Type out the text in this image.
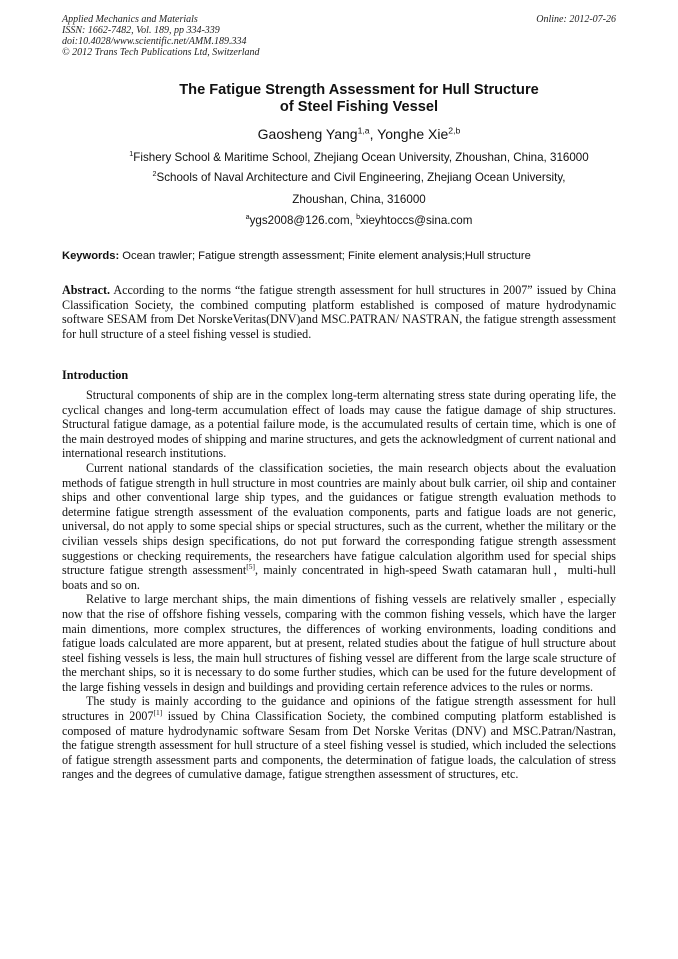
Applied Mechanics and Materials
ISSN: 1662-7482, Vol. 189, pp 334-339
doi:10.4028/www.scientific.net/AMM.189.334
© 2012 Trans Tech Publications Ltd, Switzerland
Online: 2012-07-26
The Fatigue Strength Assessment for Hull Structure
of Steel Fishing Vessel
Gaosheng Yang$^{1,a}$, Yonghe Xie$^{2,b}$
$^1$Fishery School & Maritime School, Zhejiang Ocean University, Zhoushan, China, 316000
$^2$Schools of Naval Architecture and Civil Engineering, Zhejiang Ocean University,
Zhoushan, China, 316000
$^a$ygs2008@126.com, $^b$xieyhtoccs@sina.com
Keywords: Ocean trawler; Fatigue strength assessment; Finite element analysis;Hull structure

Abstract. According to the norms “the fatigue strength assessment for hull structures in 2007” issued by China Classification Society, the combined computing platform established is composed of mature hydrodynamic software SESAM from Det NorskeVeritas(DNV)and MSC.PATRAN/ NASTRAN, the fatigue strength assessment for hull structure of a steel fishing vessel is studied.

Introduction

Structural components of ship are in the complex long-term alternating stress state during operating life, the cyclical changes and long-term accumulation effect of loads may cause the fatigue damage of ship structures. Structural fatigue damage, as a potential failure mode, is the accumulated results of certain time, which is one of the main destroyed modes of shipping and marine structures, and gets the acknowledgment of current national and international research institutions.

Current national standards of the classification societies, the main research objects about the evaluation methods of fatigue strength in hull structure in most countries are mainly about bulk carrier, oil ship and container ships and other conventional large ship types, and the guidances or fatigue strength evaluation methods to determine fatigue strength assessment of the evaluation components, parts and fatigue loads are not generic, universal, do not apply to some special ships or special structures, such as the current, whether the military or the civilian vessels ships design specifications, do not put forward the corresponding fatigue strength assessment suggestions or checking requirements, the researchers have fatigue calculation algorithm used for special ships structure fatigue strength assessment[5], mainly concentrated in high-speed Swath catamaran hull，multi-hull boats and so on.

Relative to large merchant ships, the main dimentions of fishing vessels are relatively smaller , especially now that the rise of offshore fishing vessels, comparing with the common fishing vessels, which have the larger main dimentions, more complex structures, the differences of working environments, loading conditions and fatigue loads calculated are more apparent, but at present, related studies about the fatigue of hull structure about steel fishing vessels is less, the main hull structures of fishing vessel are different from the large scale structure of the merchant ships, so it is necessary to do some further studies, which can be used for the future development of the large fishing vessels in design and buildings and providing certain reference advices to the rules or norms.

The study is mainly according to the guidance and opinions of the fatigue strength assessment for hull structures in 2007[1] issued by China Classification Society, the combined computing platform established is composed of mature hydrodynamic software Sesam from Det Norske Veritas (DNV) and MSC.Patran/Nastran, the fatigue strength assessment for hull structure of a steel fishing vessel is studied, which included the selections of fatigue strength assessment parts and components, the determination of fatigue loads, the calculation of stress ranges and the degrees of cumulative damage, fatigue strengthen assessment of structures, etc.
